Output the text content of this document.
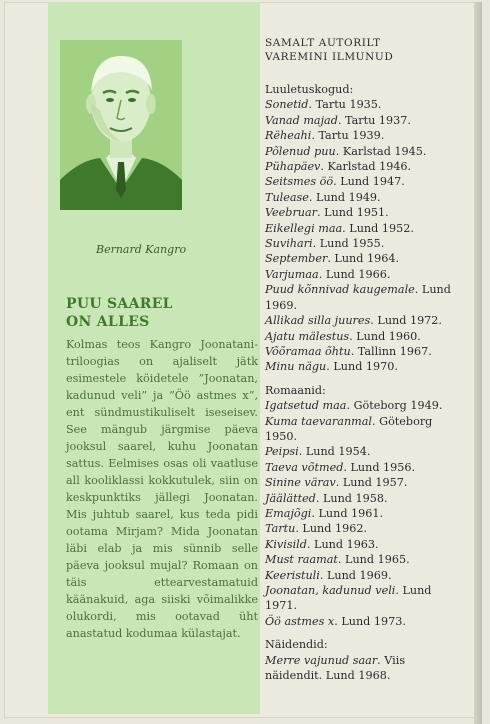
Bernard Kangro
PUU SAAREL
ON ALLES
Kolmas teos Kangro Joonatani-triloogias on ajaliselt jätk esimestele köidetele ”Joonatan, kadunud veli” ja ”Öö astmes x”, ent sündmustikuliselt iseseisev. See mängub järgmise päeva jooksul saarel, kuhu Joonatan sattus. Eelmises osas oli vaatluse all kooliklassi kokkutulek, siin on keskpunktiks jällegi Joonatan. Mis juhtub saarel, kus teda pidi ootama Mirjam? Mida Joonatan läbi elab ja mis sünnib selle päeva jooksul mujal? Romaan on täis ettearvestamatuid käänakuid, aga siiski võimalikke olukordi, mis ootavad üht anastatud kodumaa külastajat.
SAMALT AUTORILT
VAREMINI ILMUNUD
Luuletuskogud:
Sonetid. Tartu 1935.
Vanad majad. Tartu 1937.
Rëheahi. Tartu 1939.
Põlenud puu. Karlstad 1945.
Pühapäev. Karlstad 1946.
Seitsmes öö. Lund 1947.
Tulease. Lund 1949.
Veebruar. Lund 1951.
Eikellegi maa. Lund 1952.
Suvihari. Lund 1955.
September. Lund 1964.
Varjumaa. Lund 1966.
Puud kõnnivad kaugemale. Lund 1969.
Allikad silla juures. Lund 1972.
Ajatu mälestus. Lund 1960.
Võõramaa õhtu. Tallinn 1967.
Minu nägu. Lund 1970.
Romaanid:
Igatsetud maa. Göteborg 1949.
Kuma taevaranmal. Göteborg 1950.
Peipsi. Lund 1954.
Taeva võtmed. Lund 1956.
Sinine värav. Lund 1957.
Jäälätted. Lund 1958.
Emajõgi. Lund 1961.
Tartu. Lund 1962.
Kivisild. Lund 1963.
Must raamat. Lund 1965.
Keeristuli. Lund 1969.
Joonatan, kadunud veli. Lund 1971.
Öö astmes x. Lund 1973.
Näidendid:
Merre vajunud saar. Viis näidendit. Lund 1968.
